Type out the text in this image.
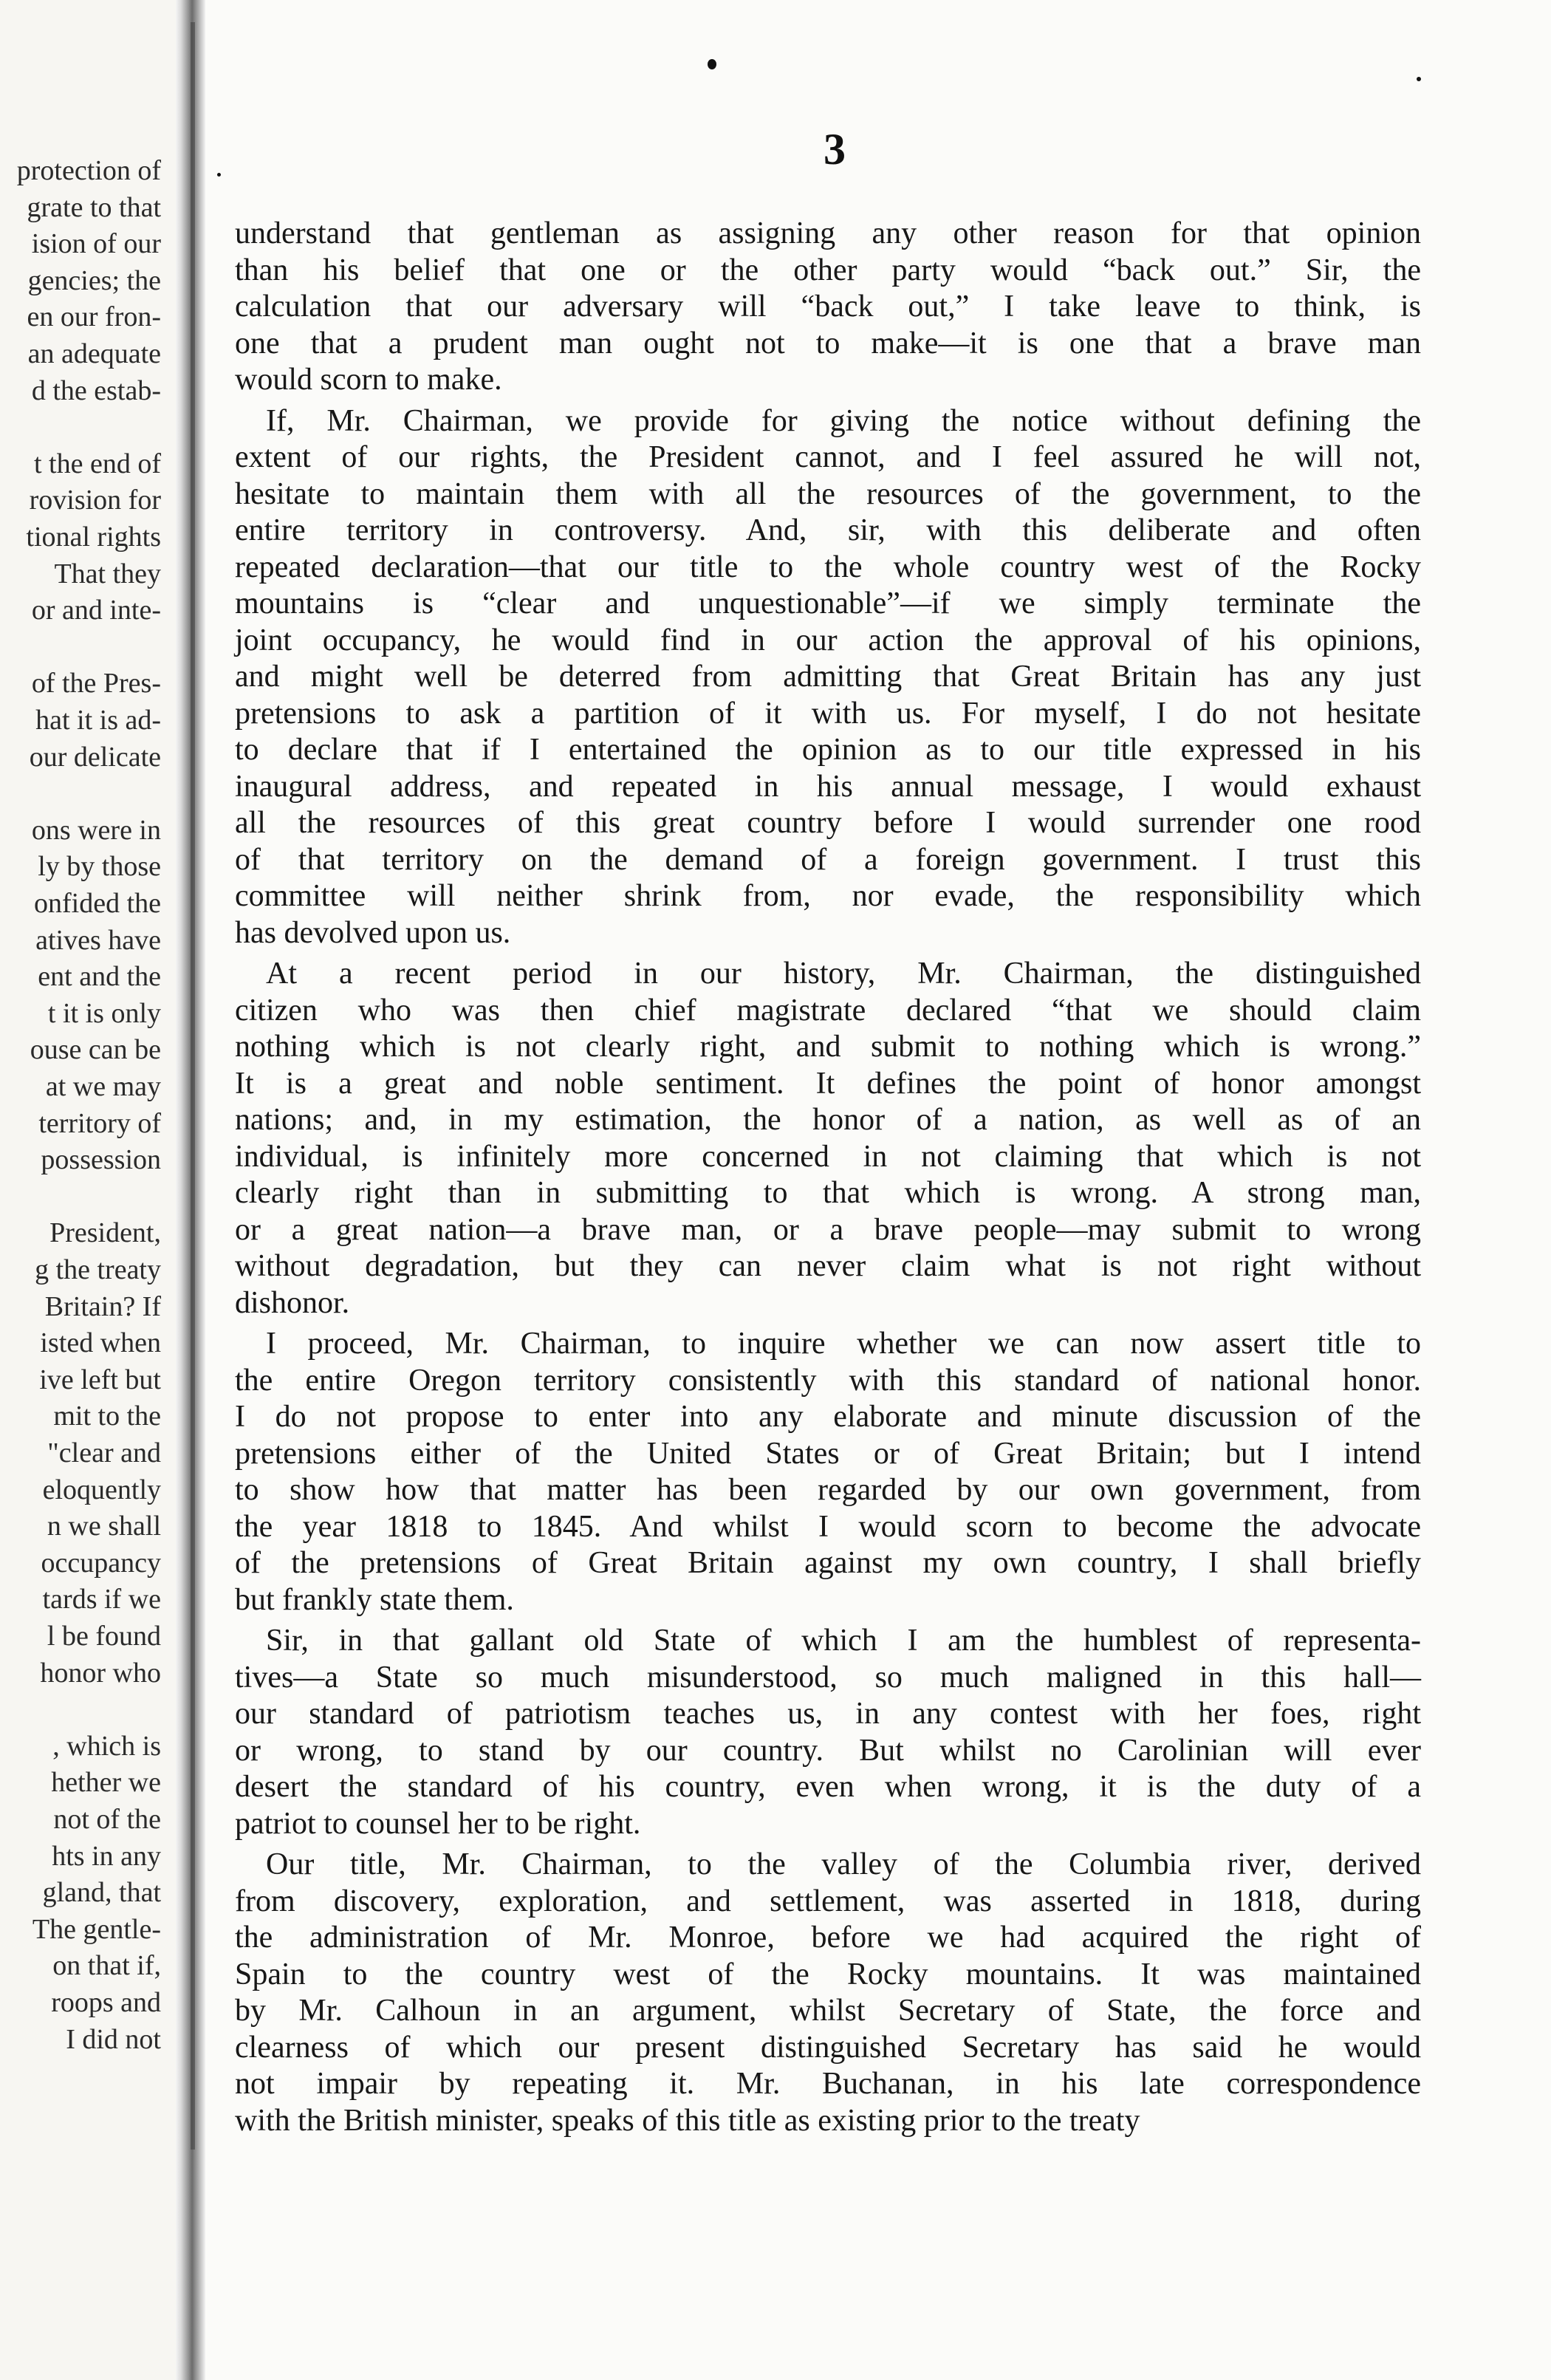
protection of
grate to that
ision of our
gencies; the
en our fron-
an adequate
d the estab-
t the end of
rovision for
tional rights
That they
or and inte-
of the Pres-
hat it is ad-
our delicate
ons were in
ly by those
onfided the
atives have
ent and the
t it is only
ouse can be
at we may
territory of
possession
President,
g the treaty
Britain? If
isted when
ive left but
mit to the
"clear and
eloquently
n we shall
occupancy
tards if we
l be found
honor who
, which is
hether we
not of the
hts in any
gland, that
The gentle-
on that if,
roops and
I did not
3
understand that gentleman as assigning any other reason for that opinion
than his belief that one or the other party would “back out.” Sir, the
calculation that our adversary will “back out,” I take leave to think, is
one that a prudent man ought not to make—it is one that a brave man
would scorn to make.
If, Mr. Chairman, we provide for giving the notice without defining the
extent of our rights, the President cannot, and I feel assured he will not,
hesitate to maintain them with all the resources of the government, to the
entire territory in controversy. And, sir, with this deliberate and often
repeated declaration—that our title to the whole country west of the Rocky
mountains is “clear and unquestionable”—if we simply terminate the
joint occupancy, he would find in our action the approval of his opinions,
and might well be deterred from admitting that Great Britain has any just
pretensions to ask a partition of it with us. For myself, I do not hesitate
to declare that if I entertained the opinion as to our title expressed in his
inaugural address, and repeated in his annual message, I would exhaust
all the resources of this great country before I would surrender one rood
of that territory on the demand of a foreign government. I trust this
committee will neither shrink from, nor evade, the responsibility which
has devolved upon us.
At a recent period in our history, Mr. Chairman, the distinguished
citizen who was then chief magistrate declared “that we should claim
nothing which is not clearly right, and submit to nothing which is wrong.”
It is a great and noble sentiment. It defines the point of honor amongst
nations; and, in my estimation, the honor of a nation, as well as of an
individual, is infinitely more concerned in not claiming that which is not
clearly right than in submitting to that which is wrong. A strong man,
or a great nation—a brave man, or a brave people—may submit to wrong
without degradation, but they can never claim what is not right without
dishonor.
I proceed, Mr. Chairman, to inquire whether we can now assert title to
the entire Oregon territory consistently with this standard of national honor.
I do not propose to enter into any elaborate and minute discussion of the
pretensions either of the United States or of Great Britain; but I intend
to show how that matter has been regarded by our own government, from
the year 1818 to 1845. And whilst I would scorn to become the advocate
of the pretensions of Great Britain against my own country, I shall briefly
but frankly state them.
Sir, in that gallant old State of which I am the humblest of representa-
tives—a State so much misunderstood, so much maligned in this hall—
our standard of patriotism teaches us, in any contest with her foes, right
or wrong, to stand by our country. But whilst no Carolinian will ever
desert the standard of his country, even when wrong, it is the duty of a
patriot to counsel her to be right.
Our title, Mr. Chairman, to the valley of the Columbia river, derived
from discovery, exploration, and settlement, was asserted in 1818, during
the administration of Mr. Monroe, before we had acquired the right of
Spain to the country west of the Rocky mountains. It was maintained
by Mr. Calhoun in an argument, whilst Secretary of State, the force and
clearness of which our present distinguished Secretary has said he would
not impair by repeating it. Mr. Buchanan, in his late correspondence
with the British minister, speaks of this title as existing prior to the treaty
